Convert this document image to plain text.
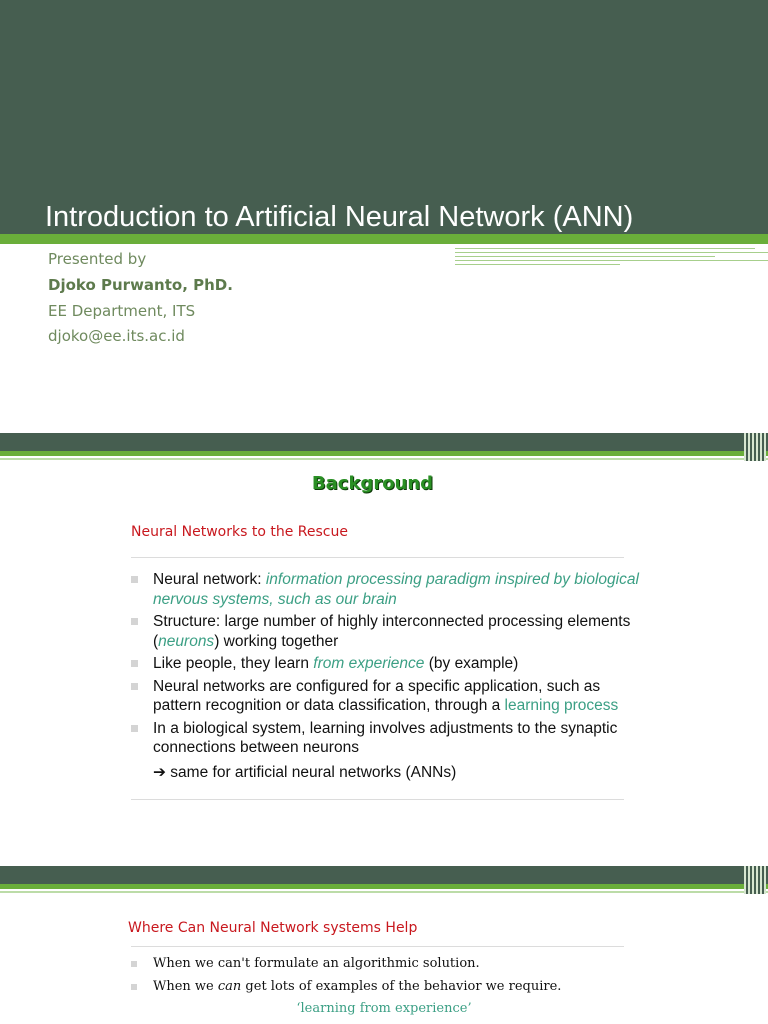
Introduction to Artificial Neural Network (ANN)
Presented by
Djoko Purwanto, PhD.
EE Department, ITS
djoko@ee.its.ac.id
Background
Neural Networks to the Rescue
Neural network: information processing paradigm inspired by biological nervous systems, such as our brain
Structure: large number of highly interconnected processing elements (neurons) working together
Like people, they learn from experience (by example)
Neural networks are configured for a specific application, such as pattern recognition or data classification, through a learning process
In a biological system, learning involves adjustments to the synaptic connections between neurons
➔ same for artificial neural networks (ANNs)
Where Can Neural Network systems Help
When we can't formulate an algorithmic solution.
When we can get lots of examples of the behavior we require.
‘learning from experience’
